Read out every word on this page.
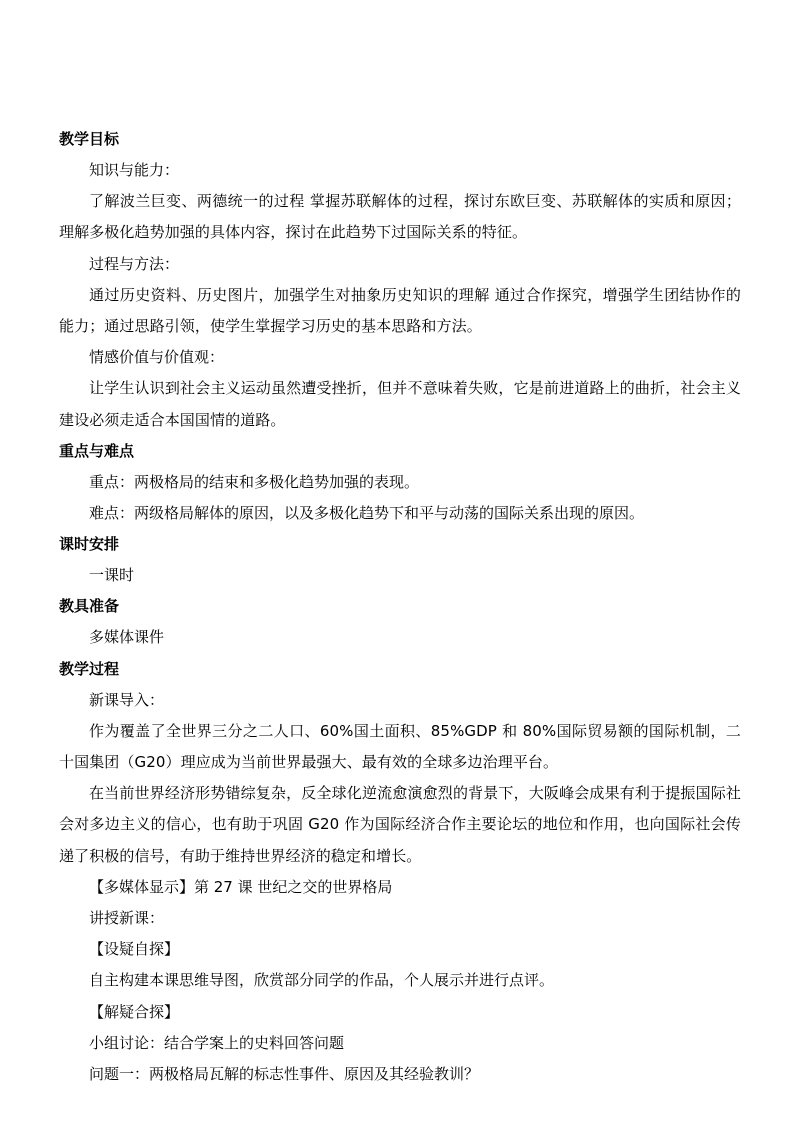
教学目标

知识与能力：

了解波兰巨变、两德统一的过程 掌握苏联解体的过程，探讨东欧巨变、苏联解体的实质和原因；理解多极化趋势加强的具体内容，探讨在此趋势下过国际关系的特征。

过程与方法：

通过历史资料、历史图片，加强学生对抽象历史知识的理解 通过合作探究，增强学生团结协作的能力；通过思路引领，使学生掌握学习历史的基本思路和方法。

情感价值与价值观：

让学生认识到社会主义运动虽然遭受挫折，但并不意味着失败，它是前进道路上的曲折，社会主义建设必须走适合本国国情的道路。

重点与难点

重点：两极格局的结束和多极化趋势加强的表现。

难点：两级格局解体的原因，以及多极化趋势下和平与动荡的国际关系出现的原因。

课时安排

一课时

教具准备

多媒体课件

教学过程

新课导入：

作为覆盖了全世界三分之二人口、60%国土面积、85%GDP 和 80%国际贸易额的国际机制，二十国集团（G20）理应成为当前世界最强大、最有效的全球多边治理平台。

在当前世界经济形势错综复杂，反全球化逆流愈演愈烈的背景下，大阪峰会成果有利于提振国际社会对多边主义的信心，也有助于巩固 G20 作为国际经济合作主要论坛的地位和作用，也向国际社会传递了积极的信号，有助于维持世界经济的稳定和增长。

【多媒体显示】第 27 课 世纪之交的世界格局

讲授新课：

【设疑自探】

自主构建本课思维导图，欣赏部分同学的作品，个人展示并进行点评。

【解疑合探】

小组讨论：结合学案上的史料回答问题

问题一：两极格局瓦解的标志性事件、原因及其经验教训？
